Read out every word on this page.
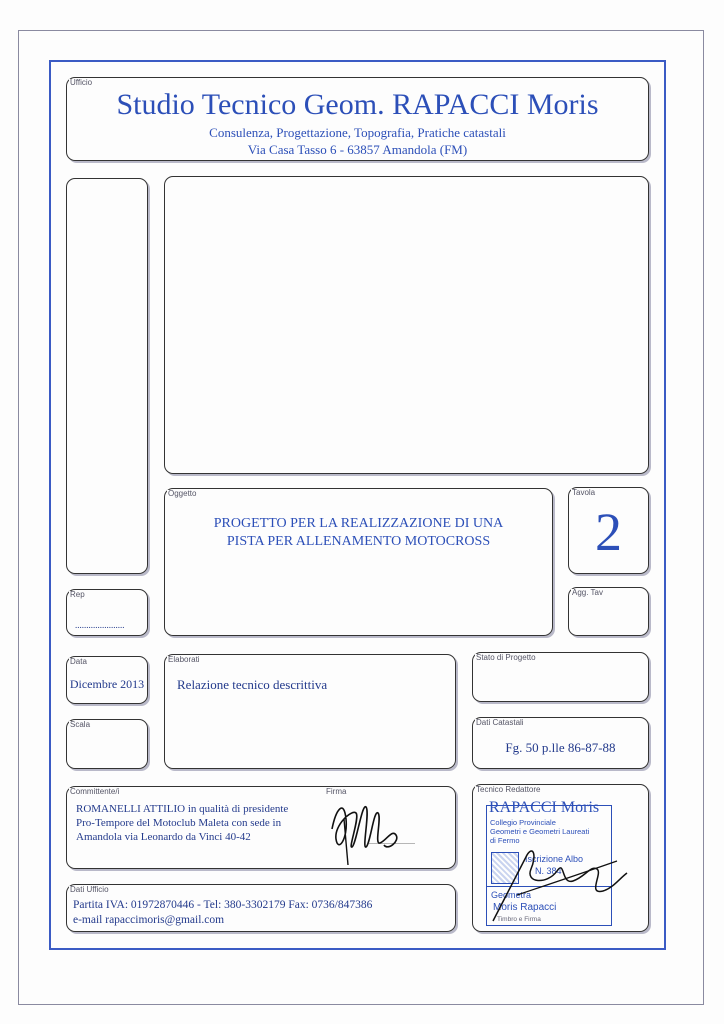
Ufficio
Studio Tecnico Geom. RAPACCI Moris
Consulenza, Progettazione, Topografia, Pratiche catastali
Via Casa Tasso 6 - 63857 Amandola (FM)
Oggetto
PROGETTO PER LA REALIZZAZIONE DI UNA
PISTA PER ALLENAMENTO MOTOCROSS
Tavola
2
Rep
......................
Agg. Tav
Data
Dicembre 2013
Elaborati
Relazione tecnico descrittiva
Stato di Progetto
Scala	Dati Catastali
Fg. 50 p.lle 86-87-88
Committente/i	Firma
ROMANELLI ATTILIO in qualità di presidente
Pro-Tempore del Motoclub Maleta con sede in
Amandola via Leonardo da Vinci 40-42	........................
Tecnico Redattore
RAPACCI Moris
Collegio Provinciale
Geometri e Geometri Laureati
di Fermo
Iscrizione Albo
N. 384
Geometra
Moris Rapacci
Timbro e Firma
Dati Ufficio
Partita IVA: 01972870446 - Tel: 380-3302179 Fax: 0736/847386
e-mail rapaccimoris@gmail.com
